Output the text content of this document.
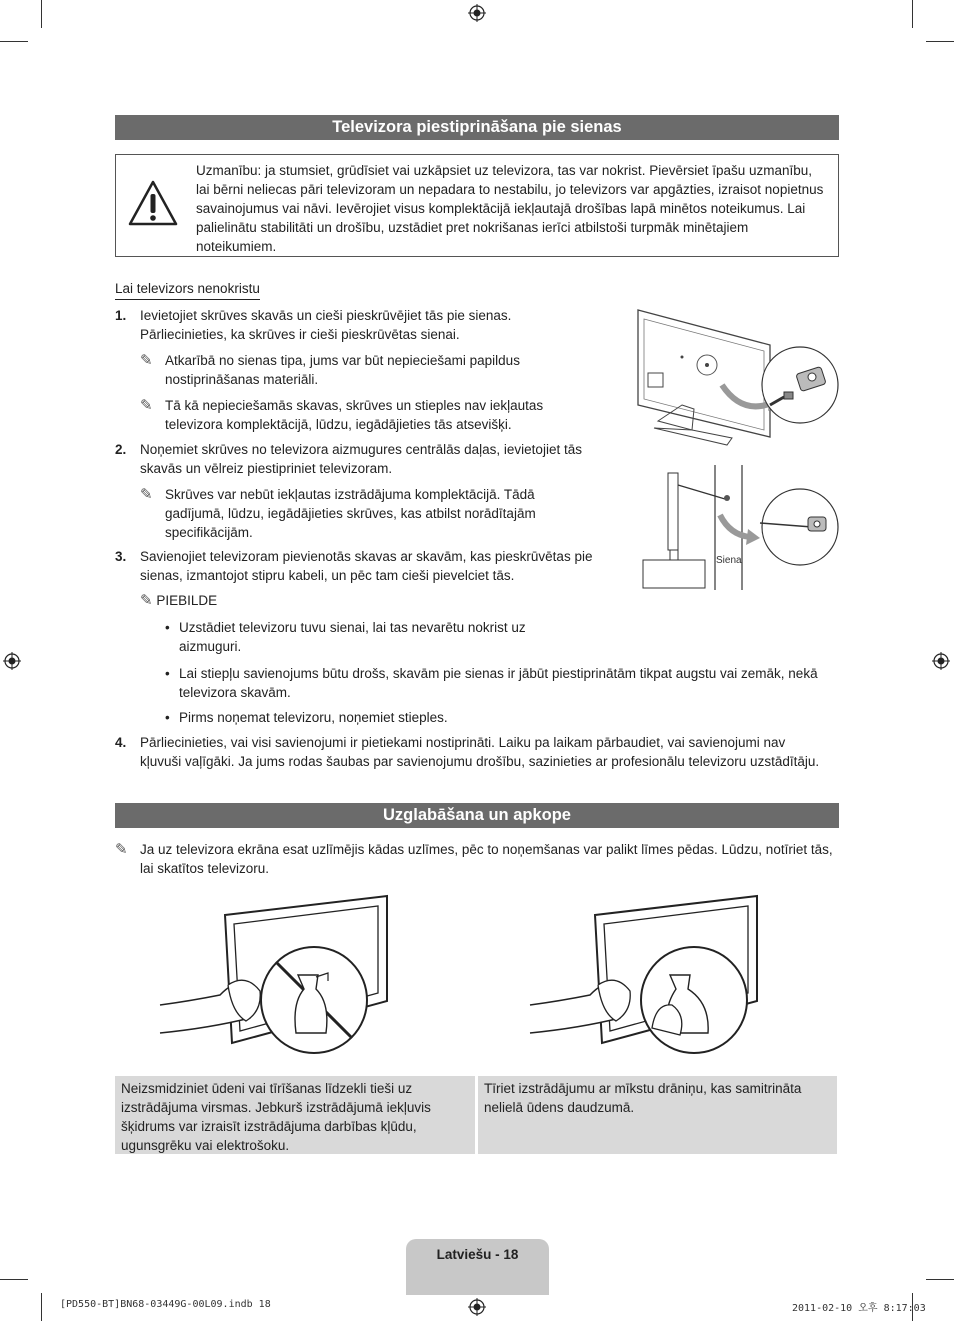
Televizora piestiprināšana pie sienas
Uzmanību: ja stumsiet, grūdīsiet vai uzkāpsiet uz televizora, tas var nokrist. Pievērsiet īpašu uzmanību, lai bērni neliecas pāri televizoram un nepadara to nestabilu, jo televizors var apgāzties, izraisot nopietnus savainojumus vai nāvi. Ievērojiet visus komplektācijā iekļautajā drošības lapā minētos noteikumus. Lai palielinātu stabilitāti un drošību, uzstādiet pret nokrišanas ierīci atbilstoši turpmāk minētajiem noteikumiem.
Lai televizors nenokristu
1. Ievietojiet skrūves skavās un cieši pieskrūvējiet tās pie sienas. Pārliecinieties, ka skrūves ir cieši pieskrūvētas sienai.
✎ Atkarībā no sienas tipa, jums var būt nepieciešami papildus nostiprināšanas materiāli.
✎ Tā kā nepieciešamās skavas, skrūves un stieples nav iekļautas televizora komplektācijā, lūdzu, iegādājieties tās atsevišķi.
2. Noņemiet skrūves no televizora aizmugures centrālās daļas, ievietojiet tās skavās un vēlreiz piestipriniet televizoram.
✎ Skrūves var nebūt iekļautas izstrādājuma komplektācijā. Tādā gadījumā, lūdzu, iegādājieties skrūves, kas atbilst norādītajām specifikācijām.
3. Savienojiet televizoram pievienotās skavas ar skavām, kas pieskrūvētas pie sienas, izmantojot stipru kabeli, un pēc tam cieši pievelciet tās.
✎ PIEBILDE
• Uzstādiet televizoru tuvu sienai, lai tas nevarētu nokrist uz aizmuguri.
• Lai stiepļu savienojums būtu drošs, skavām pie sienas ir jābūt piestiprinātām tikpat augstu vai zemāk, nekā televizora skavām.
• Pirms noņemat televizoru, noņemiet stieples.
4. Pārliecinieties, vai visi savienojumi ir pietiekami nostiprināti. Laiku pa laikam pārbaudiet, vai savienojumi nav kļuvuši vaļīgāki. Ja jums rodas šaubas par savienojumu drošību, sazinieties ar profesionālu televizoru uzstādītāju.
Siena
Uzglabāšana un apkope
✎ Ja uz televizora ekrāna esat uzlīmējis kādas uzlīmes, pēc to noņemšanas var palikt līmes pēdas. Lūdzu, notīriet tās, lai skatītos televizoru.
Neizsmidziniet ūdeni vai tīrīšanas līdzekli tieši uz izstrādājuma virsmas. Jebkurš izstrādājumā iekļuvis šķidrums var izraisīt izstrādājuma darbības kļūdu, ugunsgrēku vai elektrošoku.
Tīriet izstrādājumu ar mīkstu drāniņu, kas samitrināta nelielā ūdens daudzumā.
Latviešu - 18
[PD550-BT]BN68-03449G-00L09.indb 18	2011-02-10 오후 8:17:03
